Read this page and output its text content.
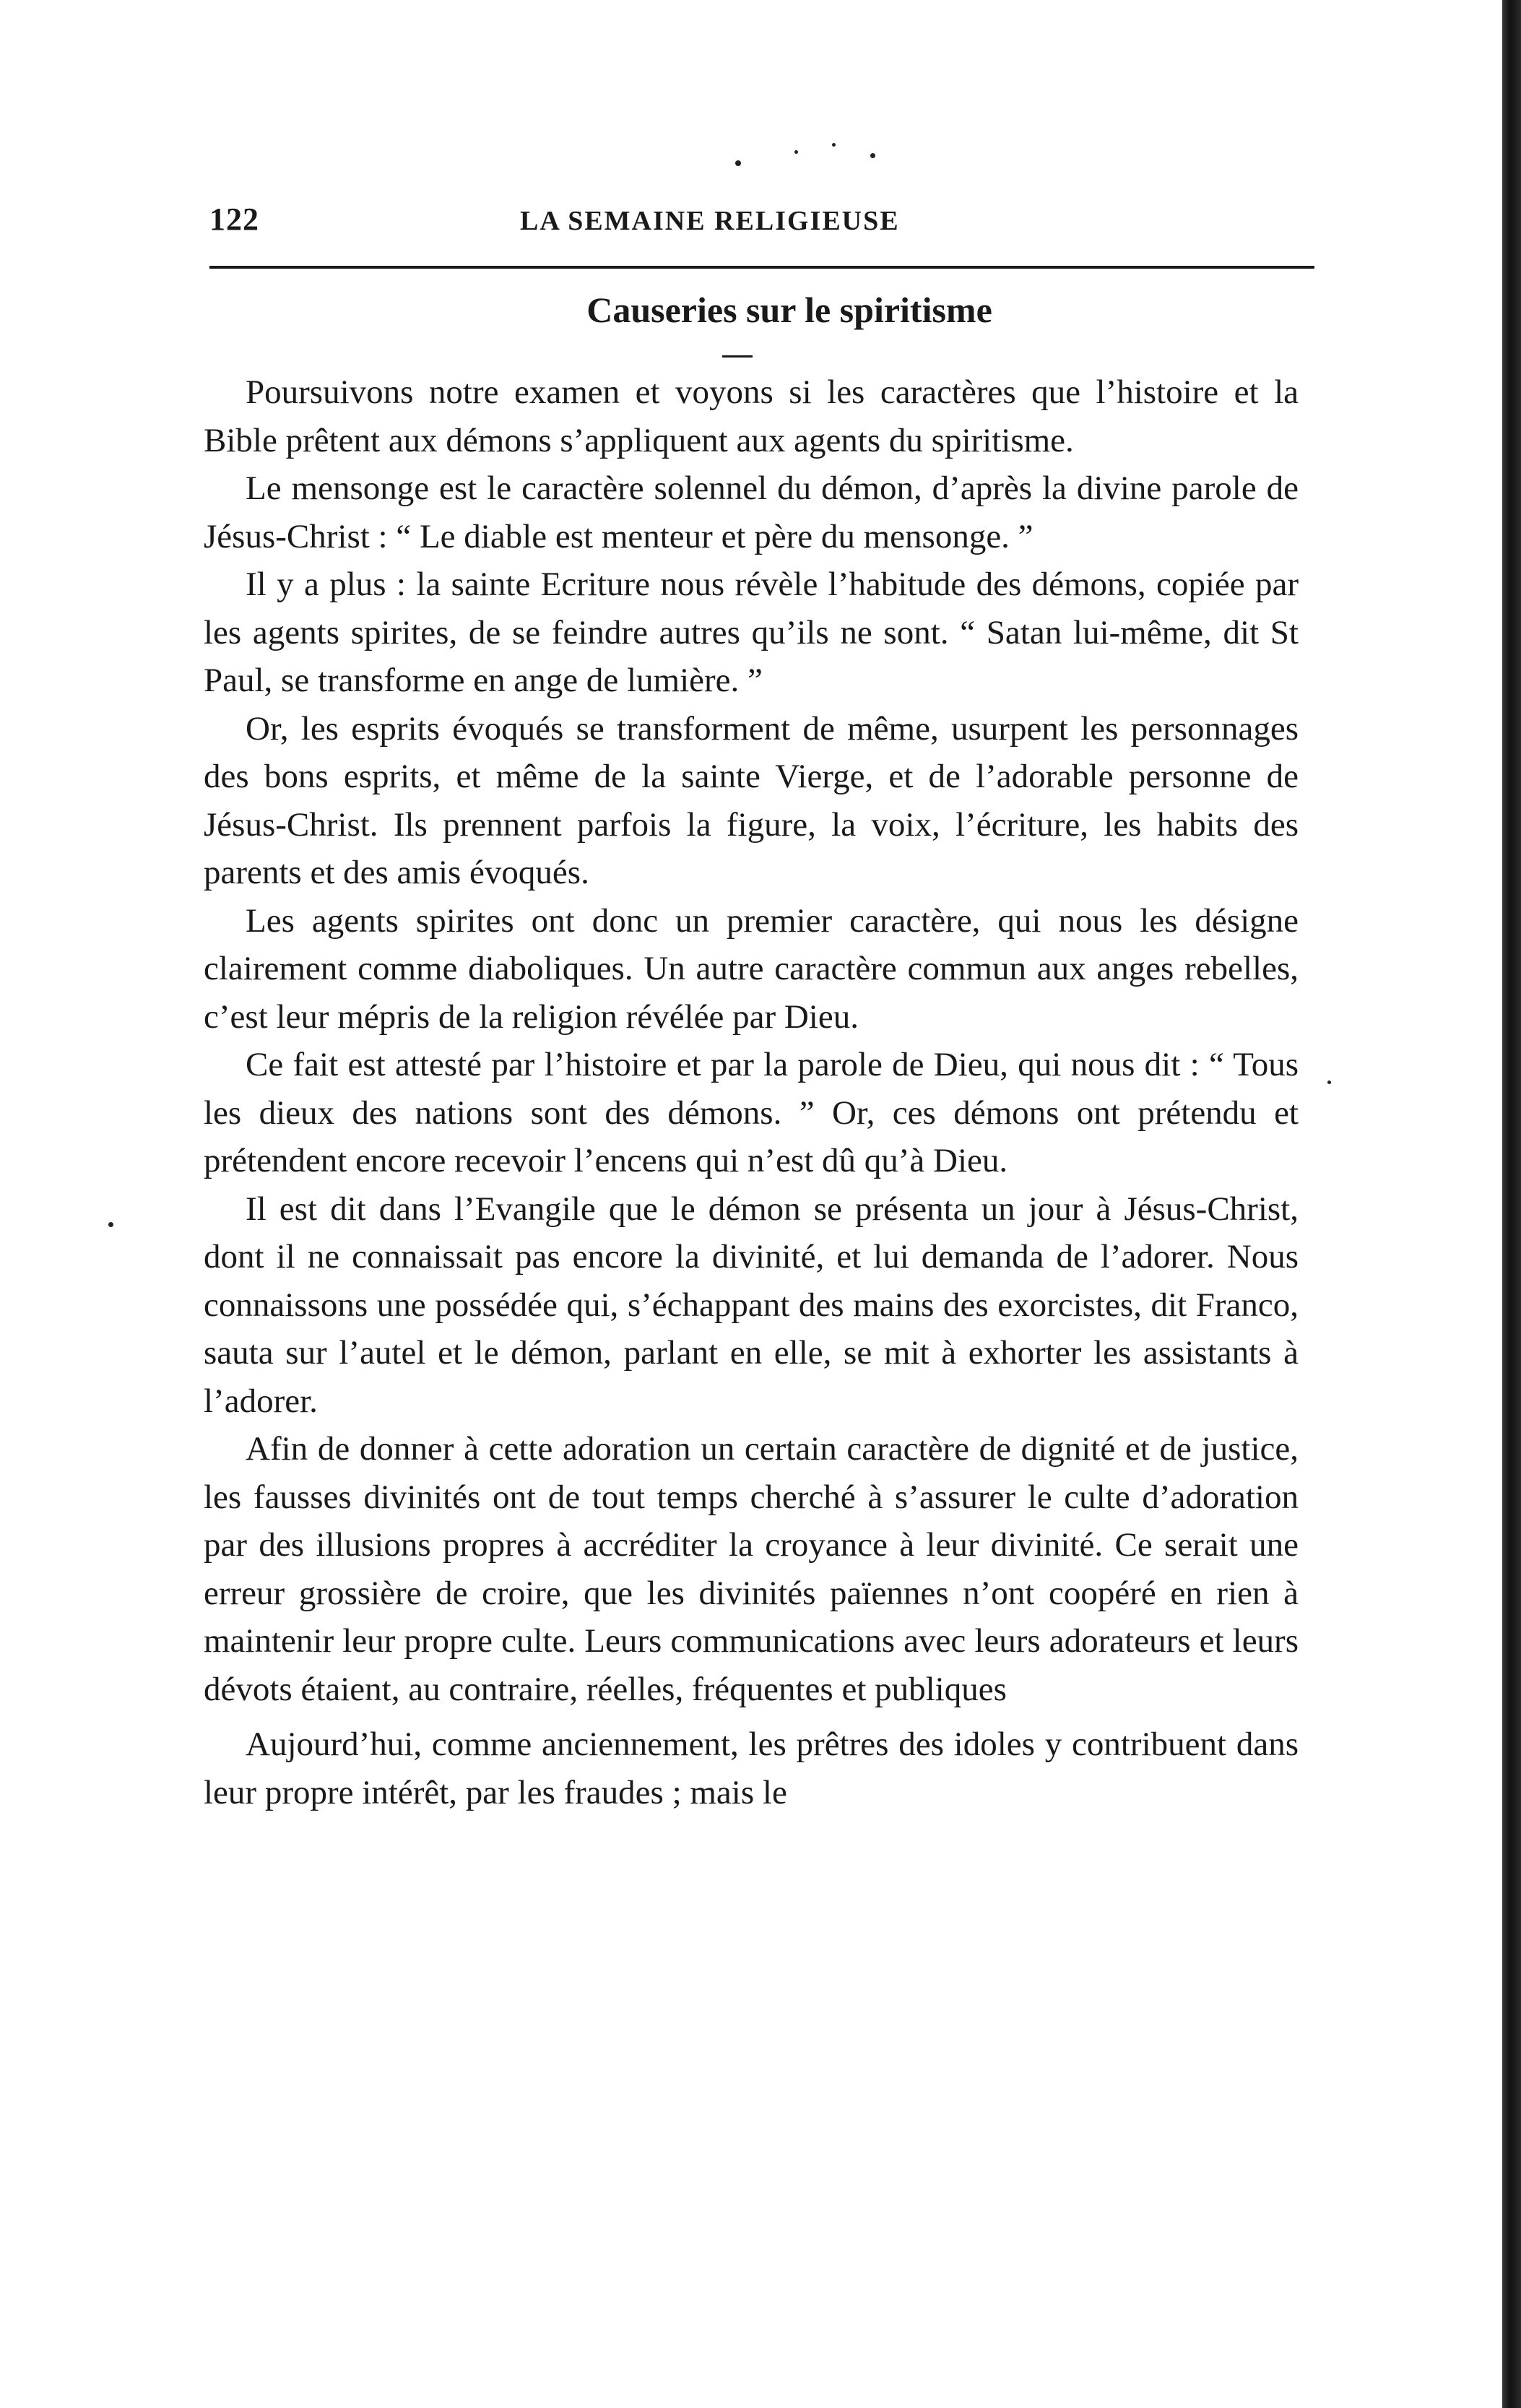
122	LA SEMAINE RELIGIEUSE
Causeries sur le spiritisme

Poursuivons notre examen et voyons si les caractères que l’histoire et la Bible prêtent aux démons s’appliquent aux agents du spiritisme.

Le mensonge est le caractère solennel du démon, d’après la divine parole de Jésus-Christ : “ Le diable est menteur et père du mensonge. ”

Il y a plus : la sainte Ecriture nous révèle l’habitude des démons, copiée par les agents spirites, de se feindre autres qu’ils ne sont. “ Satan lui-même, dit St Paul, se transforme en ange de lumière. ”

Or, les esprits évoqués se transforment de même, usurpent les personnages des bons esprits, et même de la sainte Vierge, et de l’adorable personne de Jésus-Christ. Ils prennent parfois la figure, la voix, l’écriture, les habits des parents et des amis évoqués.

Les agents spirites ont donc un premier caractère, qui nous les désigne clairement comme diaboliques. Un autre caractère commun aux anges rebelles, c’est leur mépris de la religion révélée par Dieu.

Ce fait est attesté par l’histoire et par la parole de Dieu, qui nous dit : “ Tous les dieux des nations sont des démons. ” Or, ces démons ont prétendu et prétendent encore recevoir l’encens qui n’est dû qu’à Dieu.

Il est dit dans l’Evangile que le démon se présenta un jour à Jésus-Christ, dont il ne connaissait pas encore la divinité, et lui demanda de l’adorer. Nous connaissons une possédée qui, s’échappant des mains des exorcistes, dit Franco, sauta sur l’autel et le démon, parlant en elle, se mit à exhorter les assistants à l’adorer.

Afin de donner à cette adoration un certain caractère de dignité et de justice, les fausses divinités ont de tout temps cherché à s’assurer le culte d’adoration par des illusions propres à accréditer la croyance à leur divinité. Ce serait une erreur grossière de croire, que les divinités païennes n’ont coopéré en rien à maintenir leur propre culte. Leurs communications avec leurs adorateurs et leurs dévots étaient, au contraire, réelles, fréquentes et publiques

Aujourd’hui, comme anciennement, les prêtres des idoles y contribuent dans leur propre intérêt, par les fraudes ; mais le
